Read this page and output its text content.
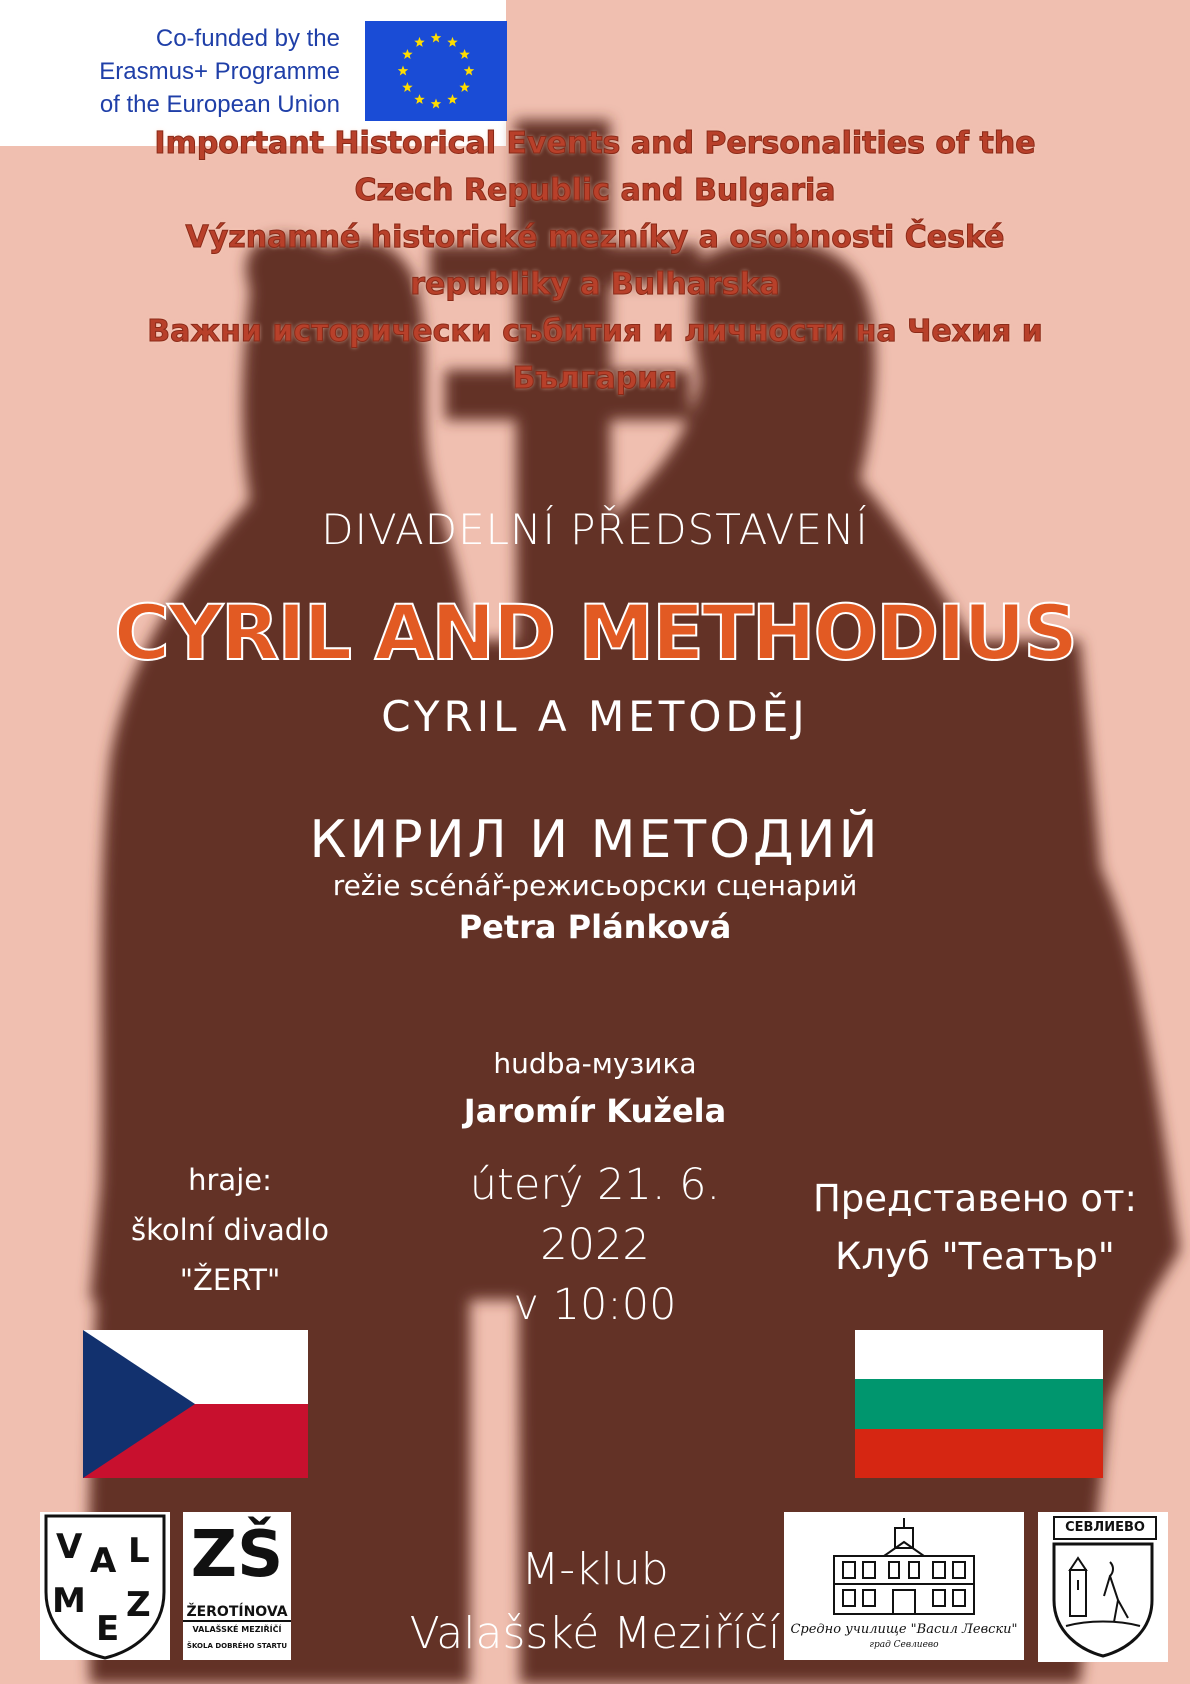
Important Historical Events and Personalities of the
Czech Republic and Bulgaria
Významné historické mezníky a osobnosti České
republiky a Bulharska
Важни исторически събития и личности на Чехия и
България
DIVADELNÍ PŘEDSTAVENÍ
CYRIL AND METHODIUS
CYRIL A METODĚJ
КИРИЛ И МЕТОДИЙ
režie scénář-режисьорски сценарий
Petra Plánková
hudba-музика
Jaromír Kužela
hraje:
školní divadlo
"ŽERT"
úterý 21. 6. 2022
v 10:00
Представено от:
Клуб "Театър"
Co-funded by the
Erasmus+ Programme
of the European Union
V A L
M
E
Z
ZŠ
ŽEROTÍNOVA
VALAŠSKÉ MEZIŘÍČÍ
ŠKOLA DOBRÉHO STARTU
M-klub
Valašské Meziříčí Средно училище "Васил Левски"
град Севлиево
СЕВЛИЕВО
